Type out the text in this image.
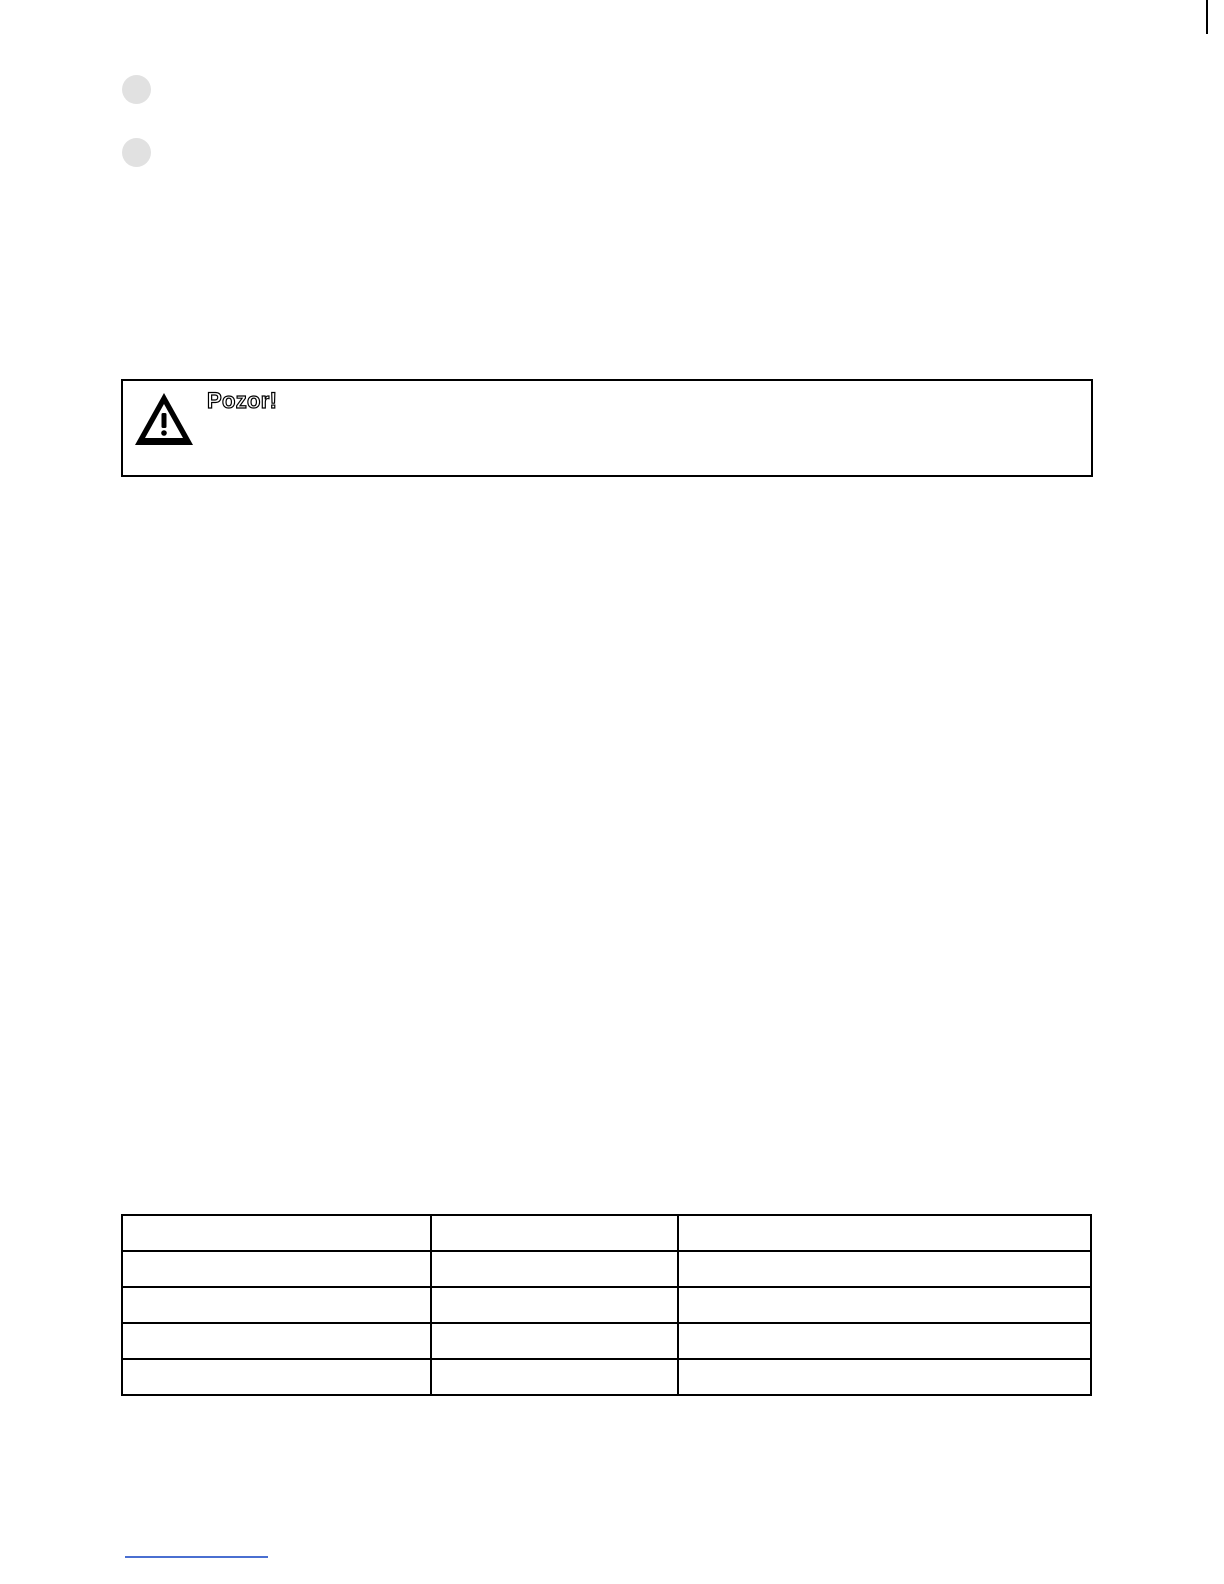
Pozor!
